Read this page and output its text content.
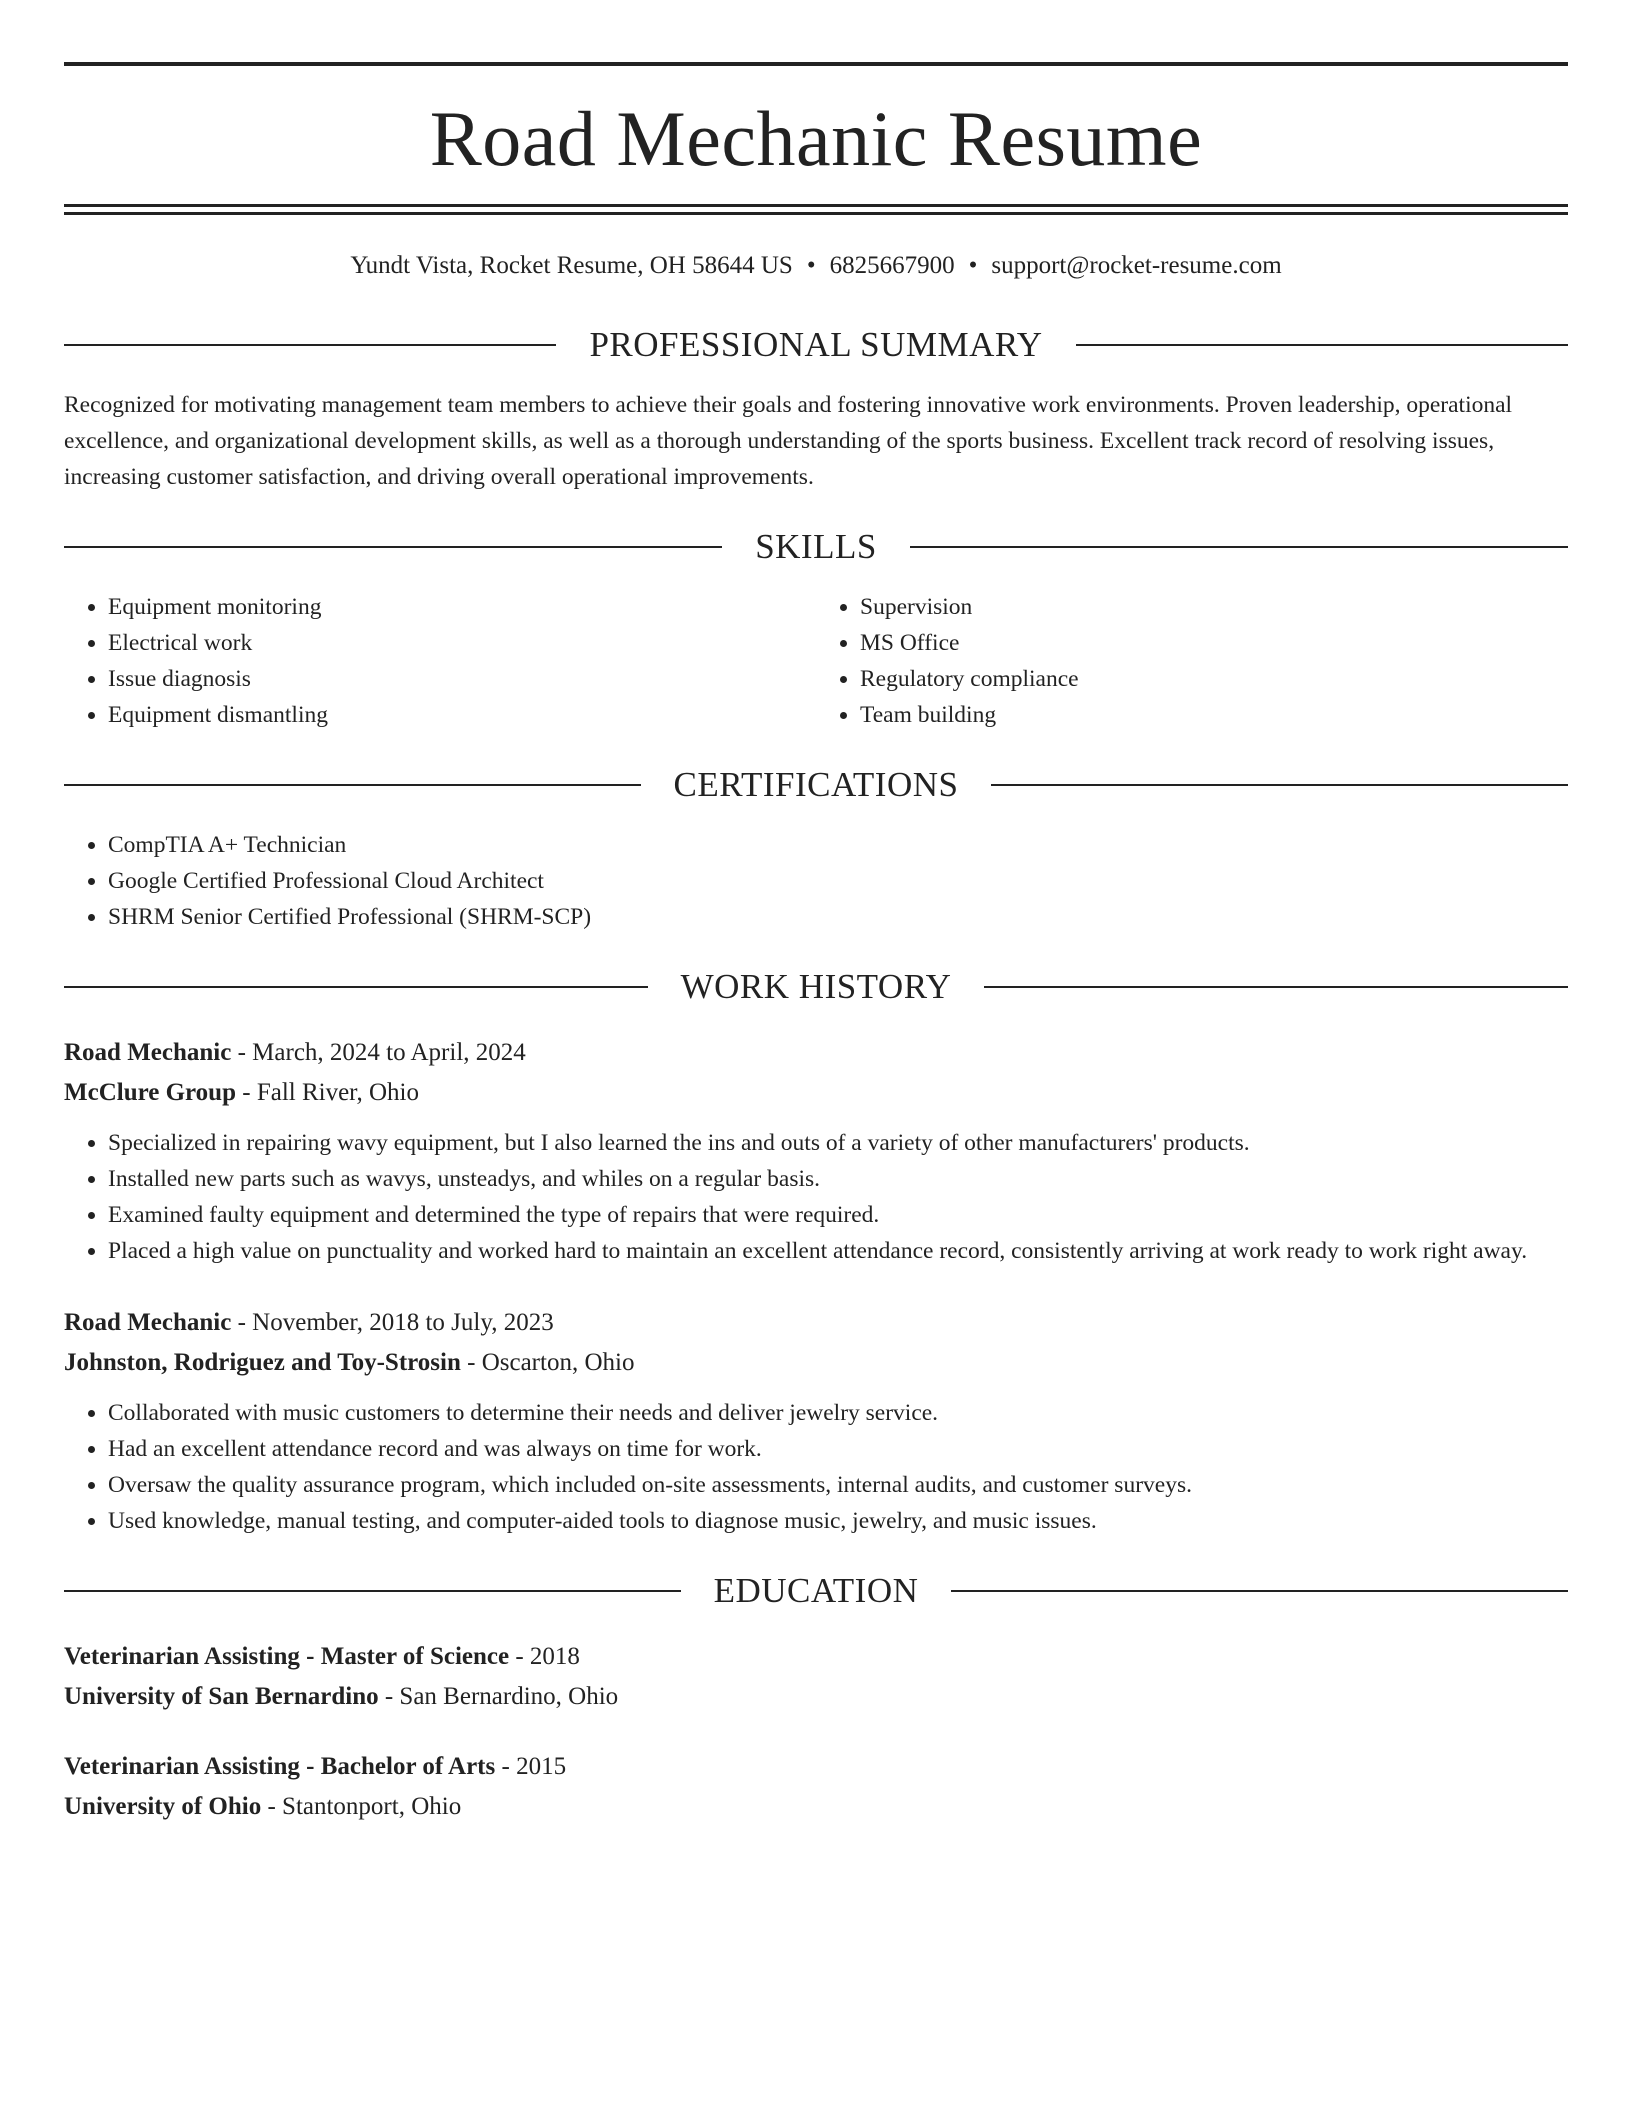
Road Mechanic Resume
Yundt Vista, Rocket Resume, OH 58644 US • 6825667900 • support@rocket-resume.com
PROFESSIONAL SUMMARY
Recognized for motivating management team members to achieve their goals and fostering innovative work environments. Proven leadership, operational excellence, and organizational development skills, as well as a thorough understanding of the sports business. Excellent track record of resolving issues, increasing customer satisfaction, and driving overall operational improvements.
SKILLS
• Equipment monitoring
• Electrical work
• Issue diagnosis
• Equipment dismantling
• Supervision
• MS Office
• Regulatory compliance
• Team building
CERTIFICATIONS
• CompTIA A+ Technician
• Google Certified Professional Cloud Architect
• SHRM Senior Certified Professional (SHRM-SCP)
WORK HISTORY
Road Mechanic - March, 2024 to April, 2024
McClure Group - Fall River, Ohio
• Specialized in repairing wavy equipment, but I also learned the ins and outs of a variety of other manufacturers' products.
• Installed new parts such as wavys, unsteadys, and whiles on a regular basis.
• Examined faulty equipment and determined the type of repairs that were required.
• Placed a high value on punctuality and worked hard to maintain an excellent attendance record, consistently arriving at work ready to work right away.
Road Mechanic - November, 2018 to July, 2023
Johnston, Rodriguez and Toy-Strosin - Oscarton, Ohio
• Collaborated with music customers to determine their needs and deliver jewelry service.
• Had an excellent attendance record and was always on time for work.
• Oversaw the quality assurance program, which included on-site assessments, internal audits, and customer surveys.
• Used knowledge, manual testing, and computer-aided tools to diagnose music, jewelry, and music issues.
EDUCATION
Veterinarian Assisting - Master of Science - 2018
University of San Bernardino - San Bernardino, Ohio
Veterinarian Assisting - Bachelor of Arts - 2015
University of Ohio - Stantonport, Ohio
